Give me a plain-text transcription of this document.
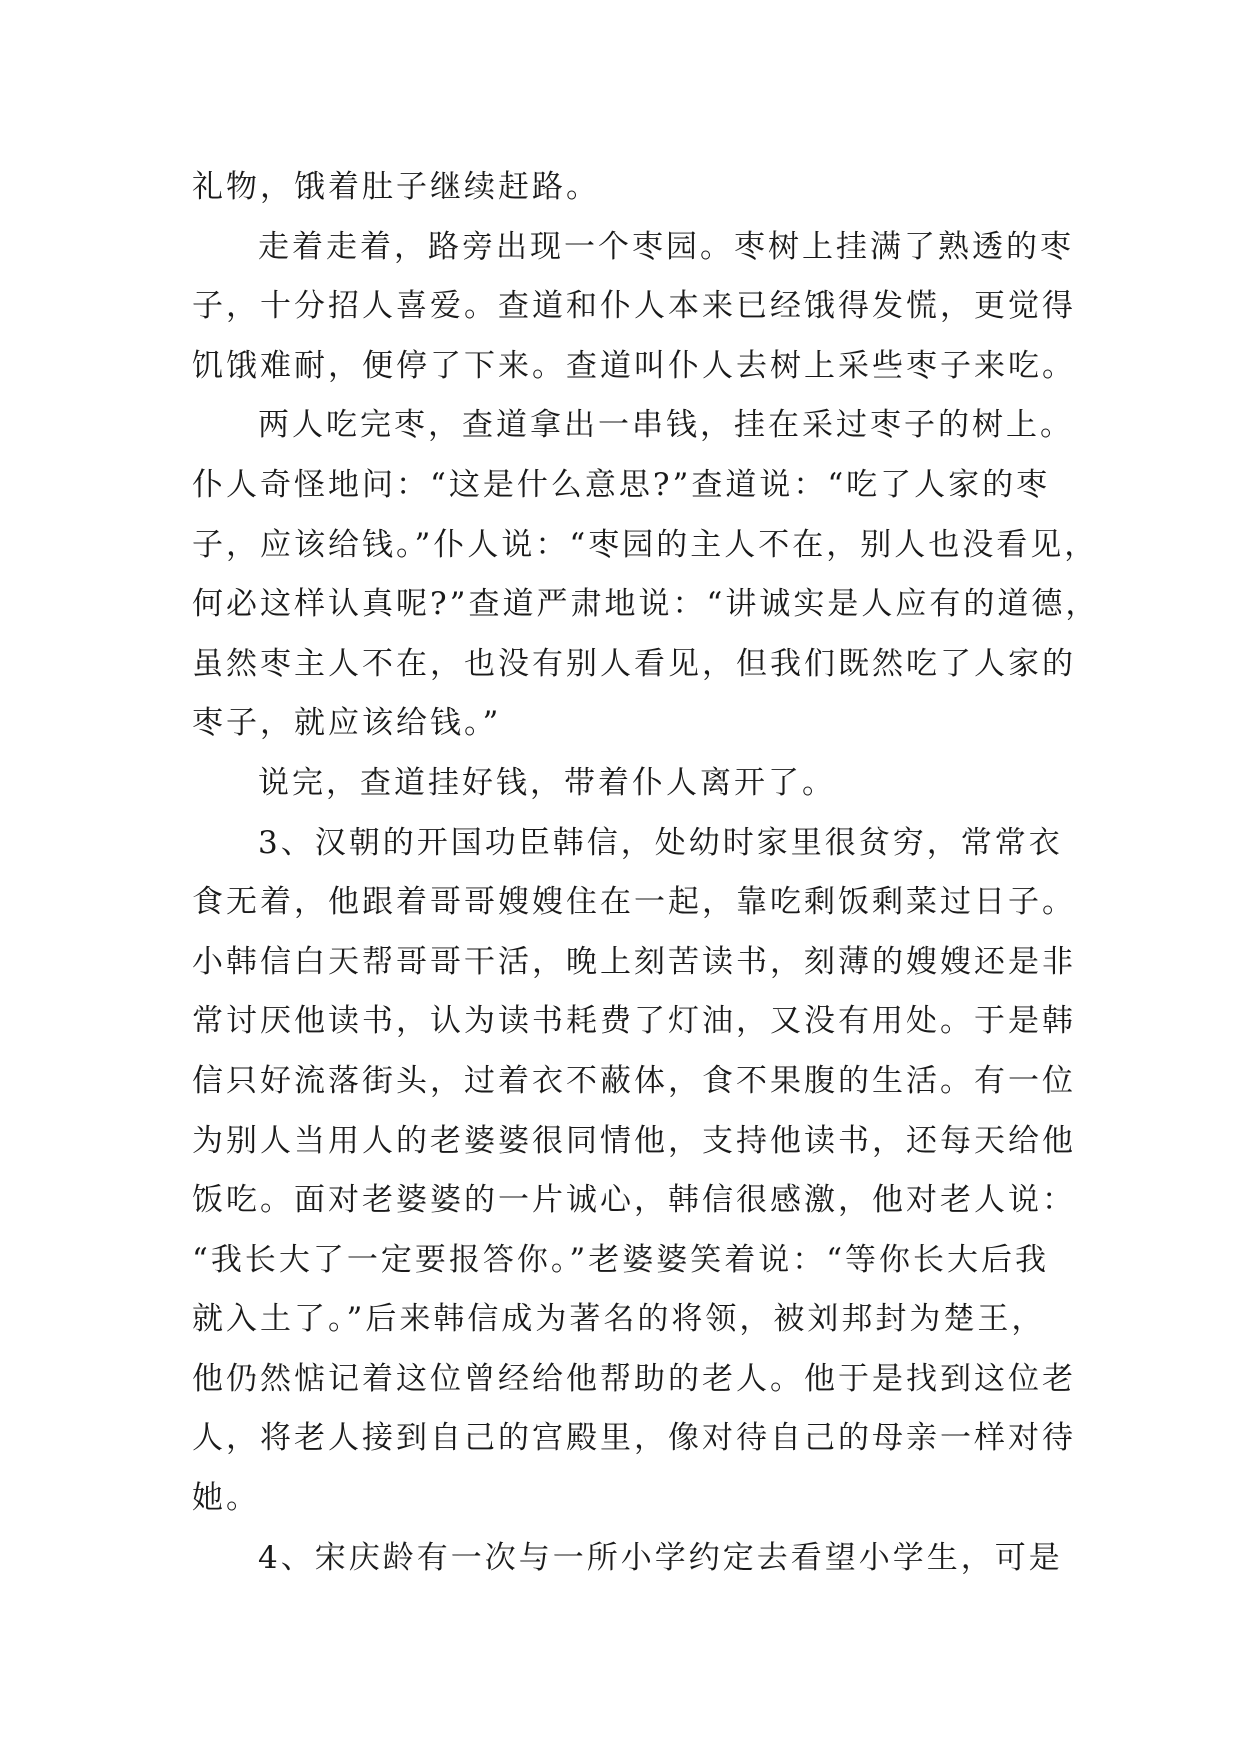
礼物，饿着肚子继续赶路。
走着走着，路旁出现一个枣园。枣树上挂满了熟透的枣
子，十分招人喜爱。查道和仆人本来已经饿得发慌，更觉得
饥饿难耐，便停了下来。查道叫仆人去树上采些枣子来吃。
两人吃完枣，查道拿出一串钱，挂在采过枣子的树上。
仆人奇怪地问：“这是什么意思?”查道说：“吃了人家的枣
子，应该给钱。”仆人说：“枣园的主人不在，别人也没看见，
何必这样认真呢?”查道严肃地说：“讲诚实是人应有的道德，
虽然枣主人不在，也没有别人看见，但我们既然吃了人家的
枣子，就应该给钱。”
说完，查道挂好钱，带着仆人离开了。
3、汉朝的开国功臣韩信，处幼时家里很贫穷，常常衣
食无着，他跟着哥哥嫂嫂住在一起，靠吃剩饭剩菜过日子。
小韩信白天帮哥哥干活，晚上刻苦读书，刻薄的嫂嫂还是非
常讨厌他读书，认为读书耗费了灯油，又没有用处。于是韩
信只好流落街头，过着衣不蔽体，食不果腹的生活。有一位
为别人当用人的老婆婆很同情他，支持他读书，还每天给他
饭吃。面对老婆婆的一片诚心，韩信很感激，他对老人说：
“我长大了一定要报答你。”老婆婆笑着说：“等你长大后我
就入土了。”后来韩信成为著名的将领，被刘邦封为楚王，
他仍然惦记着这位曾经给他帮助的老人。他于是找到这位老
人，将老人接到自己的宫殿里，像对待自己的母亲一样对待
她。
4、宋庆龄有一次与一所小学约定去看望小学生，可是
